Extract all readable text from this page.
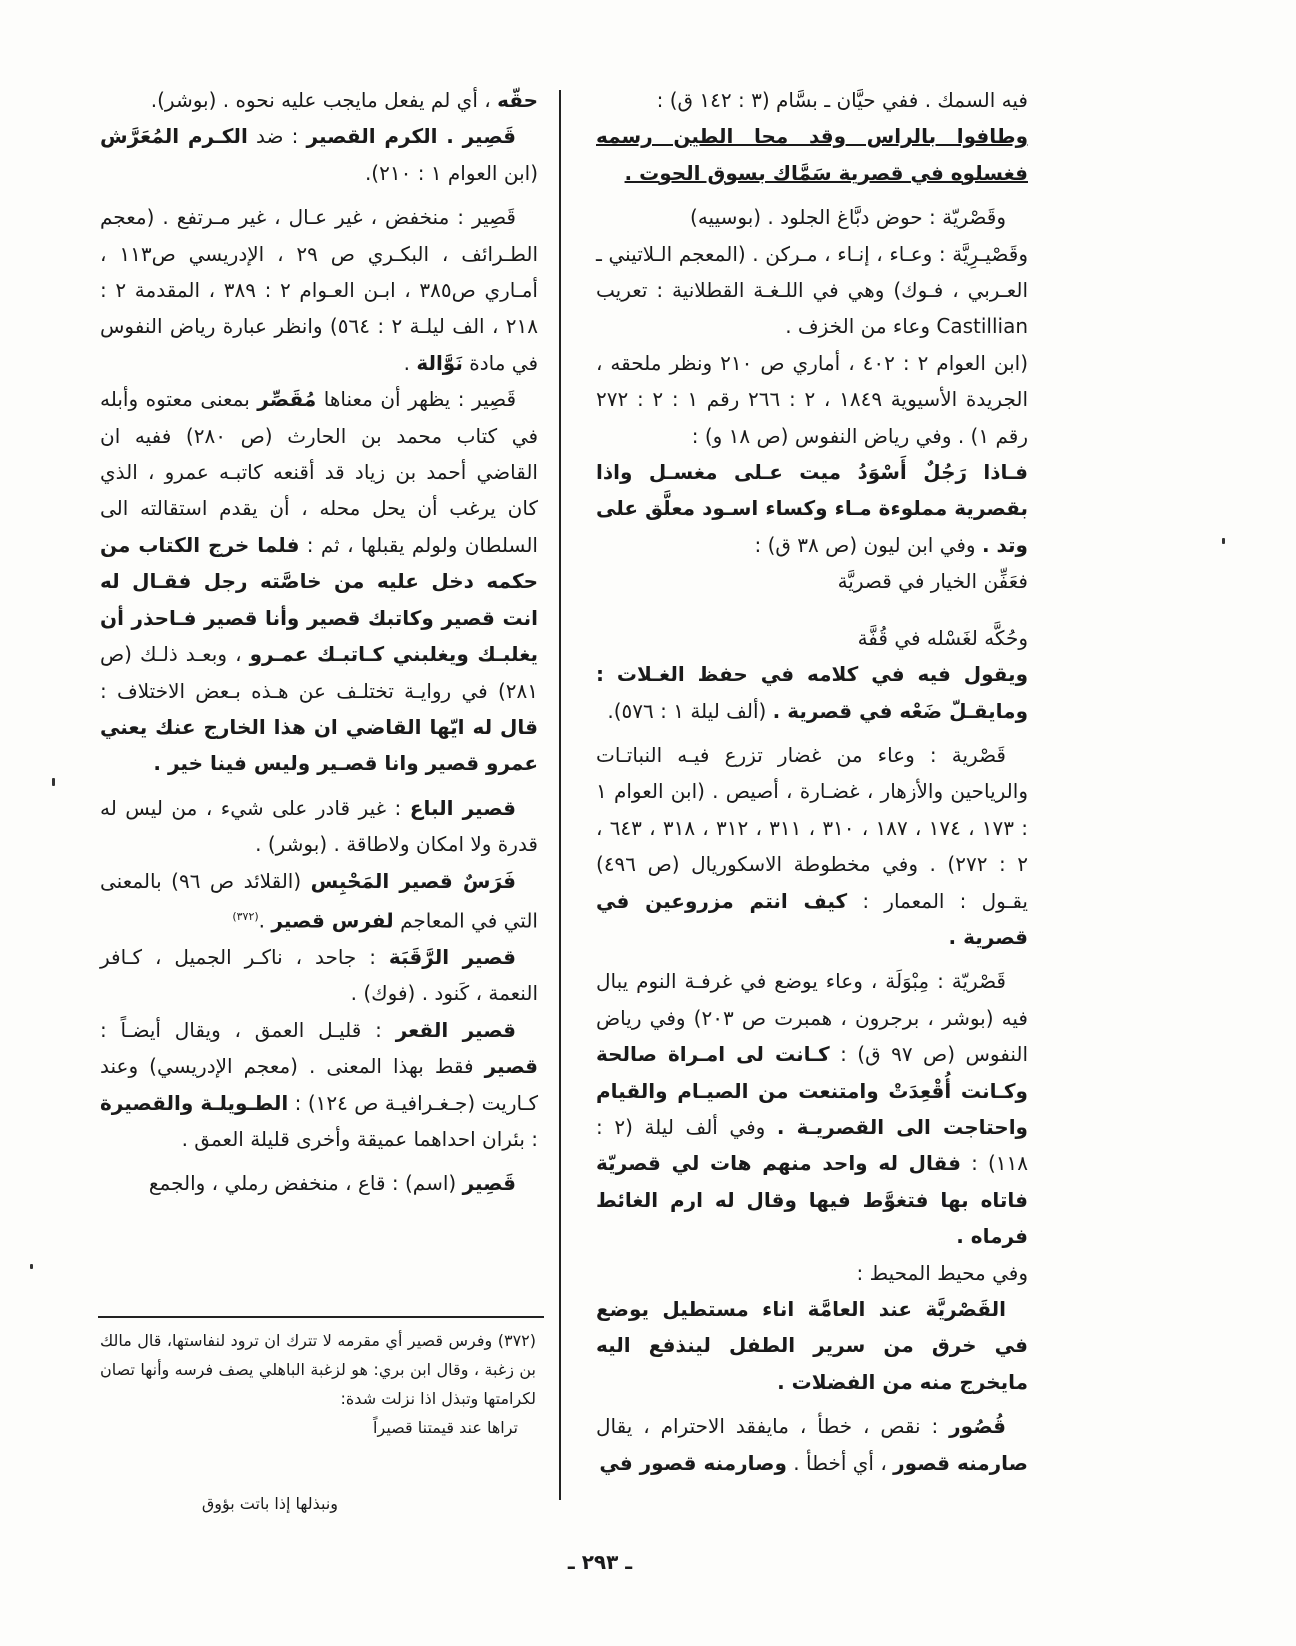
فيه السمك . ففي حيَّان ـ بسَّام (٣ : ١٤٢ ق) :

وطافوا بالراس وقد محا الطين رسمه فغسلوه في قصرية سَمَّاك بسوق الحوت .

وقَصْريّة : حوض دبَّاغ الجلود . (بوسييه)

وقَصْيـرِيَّة : وعـاء ، إنـاء ، مـركن . (المعجم الـلاتيني ـ العـربي ، فـوك) وهي في اللـغـة القطلانية : تعريب Castillian وعاء من الخزف .

(ابن العوام ٢ : ٤٠٢ ، أماري ص ٢١٠ ونظر ملحقه ، الجريدة الأسيوية ١٨٤٩ ، ٢ : ٢٦٦ رقم ١ : ٢ : ٢٧٢ رقم ١) . وفي رياض النفوس (ص ١٨ و) :

فـاذا رَجُلٌ أَسْوَدُ ميت عـلى مغسـل واذا بقصرية مملوءة مـاء وكساء اسـود معلَّق على وتد . وفي ابن ليون (ص ٣٨ ق) :

فعَفِّن الخيار في قصريَّة

وحُكَّه لغَسْله في قُفَّة

ويقول فيه في كلامه في حفظ الغـلات : ومايقـلّ ضَعْه في قصرية . (ألف ليلة ١ : ٥٧٦).

قَصْرية : وعاء من غضار تزرع فيـه النباتـات والرياحين والأزهار ، غضـارة ، أصيص . (ابن العوام ١ : ١٧٣ ، ١٧٤ ، ١٨٧ ، ٣١٠ ، ٣١١ ، ٣١٢ ، ٣١٨ ، ٦٤٣ ، ٢ : ٢٧٢) . وفي مخطوطة الاسكوريال (ص ٤٩٦) يقـول : المعمار : كيف انتم مزروعين في قصرية .

قَصْريّة : مِبْوَلَة ، وعاء يوضع في غرفـة النوم يبال فيه (بوشر ، برجرون ، همبرت ص ٢٠٣) وفي رياض النفوس (ص ٩٧ ق) : كـانت لى امـراة صالحة وكـانت أُقْعِدَتْ وامتنعت من الصيـام والقيام واحتاجت الى القصريـة . وفي ألف ليلة (٢ : ١١٨) : فقال له واحد منهم هات لي قصريّة فاتاه بها فتغوَّط فيها وقال له ارم الغائط فرماه .

وفي محيط المحيط :

القَصْريَّة عند العامَّة اناء مستطيل يوضع في خرق من سرير الطفل لينذفع اليه مايخرج منه من الفضلات .

قُصُور : نقص ، خطأ ، مايفقد الاحترام ، يقال صارمنه قصور ، أي أخطأ . وصارمنه قصور في

حقّه ، أي لم يفعل مايجب عليه نحوه . (بوشر).

قَصِير . الكرم القصير : ضد الكـرم المُعَرَّش (ابن العوام ١ : ٢١٠).

قَصِير : منخفض ، غير عـال ، غير مـرتفع . (معجم الطـرائف ، البكـري ص ٢٩ ، الإدريسي ص١١٣ ، أمـاري ص٣٨٥ ، ابـن العـوام ٢ : ٣٨٩ ، المقدمة ٢ : ٢١٨ ، الف ليلـة ٢ : ٥٦٤) وانظر عبارة رياض النفوس في مادة نَوَّالة .

قَصِير : يظهر أن معناها مُقَصِّر بمعنى معتوه وأبله في كتاب محمد بن الحارث (ص ٢٨٠) ففيه ان القاضي أحمد بن زياد قد أقنعه كاتبـه عمرو ، الذي كان يرغب أن يحل محله ، أن يقدم استقالته الى السلطان ولولم يقبلها ، ثم : فلما خرج الكتاب من حكمه دخل عليه من خاصَّته رجل فقـال له انت قصير وكاتبك قصير وأنا قصير فـاحذر أن يغلبـك ويغلبني كـاتبـك عمـرو ، وبعـد ذلـك (ص ٢٨١) في روايـة تختلـف عن هـذه بـعض الاختلاف : قال له ايّها القاضي ان هذا الخارج عنك يعني عمرو قصير وانا قصـير وليس فينا خير .

قصير الباع : غير قادر على شيء ، من ليس له قدرة ولا امكان ولاطاقة . (بوشر) .

فَرَسٌ قصير المَحْبِس (القلائد ص ٩٦) بالمعنى التي في المعاجم لفرس قصير .$^{(٣٧٢)}$

قصير الرَّقَبَة : جاحد ، ناكـر الجميل ، كـافر النعمة ، كَنود . (فوك) .

قصير القعر : قليـل العمق ، ويقال أيضـاً : قصير فقط بهذا المعنى . (معجم الإدريسي) وعند كـاريت (جـغـرافيـة ص ١٢٤) : الطـويلـة والقصيرة : بئران احداهما عميقة وأخرى قليلة العمق .

قَصِير (اسم) : قاع ، منخفض رملي ، والجمع

(٣٧٢) وفرس قصير أي مقرمه لا تترك ان ترود لنفاستها، قال مالك بن زغبة ، وقال ابن بري: هو لزغبة الباهلي يصف فرسه وأنها تصان لكرامتها وتبذل اذا نزلت شدة:

تراها عند قيمتنا قصيراً

ونبذلها إذا باتت بؤوق
ـ ٢٩٣ ـ
